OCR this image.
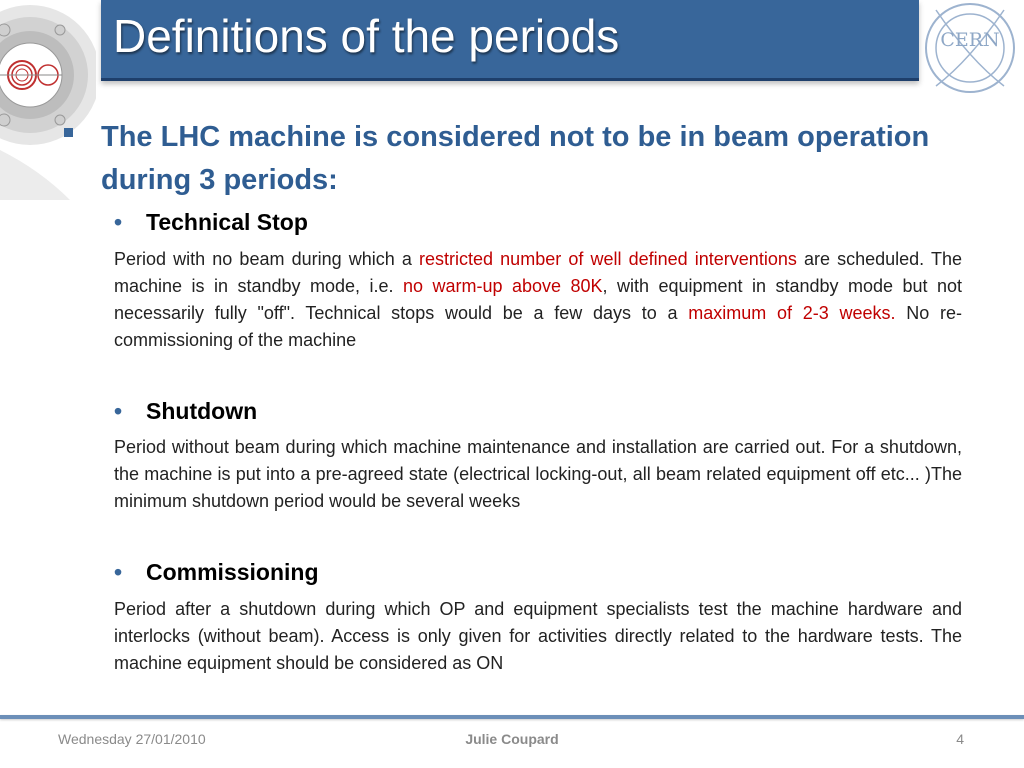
Definitions of the periods	CERN
The LHC machine is considered not to be in beam operation during 3 periods:
• Technical Stop
Period with no beam during which a restricted number of well defined interventions are scheduled. The machine is in standby mode, i.e. no warm-up above 80K, with equipment in standby mode but not necessarily fully "off". Technical stops would be a few days to a maximum of 2-3 weeks. No re-commissioning of the machine
• Shutdown
Period without beam during which machine maintenance and installation are carried out. For a shutdown, the machine is put into a pre-agreed state (electrical locking-out, all beam related equipment off etc... )The minimum shutdown period would be several weeks
• Commissioning
Period after a shutdown during which OP and equipment specialists test the machine hardware and interlocks (without beam). Access is only given for activities directly related to the hardware tests. The machine equipment should be considered as ON
Wednesday 27/01/2010	Julie Coupard	4
